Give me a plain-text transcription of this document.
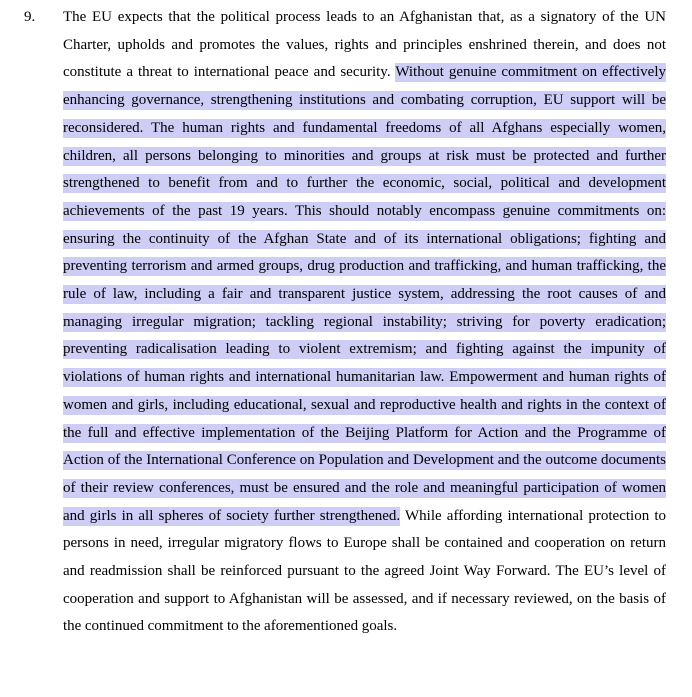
9. The EU expects that the political process leads to an Afghanistan that, as a signatory of the UN Charter, upholds and promotes the values, rights and principles enshrined therein, and does not constitute a threat to international peace and security. Without genuine commitment on effectively enhancing governance, strengthening institutions and combating corruption, EU support will be reconsidered. The human rights and fundamental freedoms of all Afghans especially women, children, all persons belonging to minorities and groups at risk must be protected and further strengthened to benefit from and to further the economic, social, political and development achievements of the past 19 years. This should notably encompass genuine commitments on: ensuring the continuity of the Afghan State and of its international obligations; fighting and preventing terrorism and armed groups, drug production and trafficking, and human trafficking, the rule of law, including a fair and transparent justice system, addressing the root causes of and managing irregular migration; tackling regional instability; striving for poverty eradication; preventing radicalisation leading to violent extremism; and fighting against the impunity of violations of human rights and international humanitarian law. Empowerment and human rights of women and girls, including educational, sexual and reproductive health and rights in the context of the full and effective implementation of the Beijing Platform for Action and the Programme of Action of the International Conference on Population and Development and the outcome documents of their review conferences, must be ensured and the role and meaningful participation of women and girls in all spheres of society further strengthened. While affording international protection to persons in need, irregular migratory flows to Europe shall be contained and cooperation on return and readmission shall be reinforced pursuant to the agreed Joint Way Forward. The EU’s level of cooperation and support to Afghanistan will be assessed, and if necessary reviewed, on the basis of the continued commitment to the aforementioned goals.
